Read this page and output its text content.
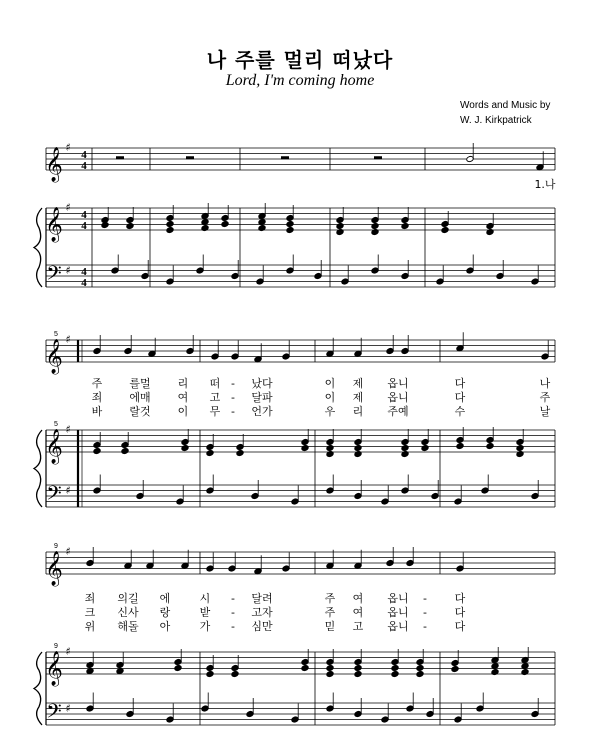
나 주를 멀리 떠났다
Lord, I'm coming home
Words and Music by
W. J. Kirkpatrick
𝄞
𝄞
𝄢
♯
♯
♯
4
4
4
4
4
4
1.나
𝄞
𝄞
𝄢
♯
♯
♯
5
5
주 를멀 리 떠 - 났다	이 제 옵니	다	나
죄 에매 여 고 - 달파	이 제 옵니	다	주
바 랄것 이 무 - 언가	우 리 주예	수	날
𝄞
𝄞
𝄢
♯
♯
♯
9
9
죄 의길 에	시 - 달려	주 여 옵니 -	다
크 신사 랑	받 - 고자	주 여 옵니 -	다
위 해돌 아	가 - 심만	믿 고 옵니 -	다
